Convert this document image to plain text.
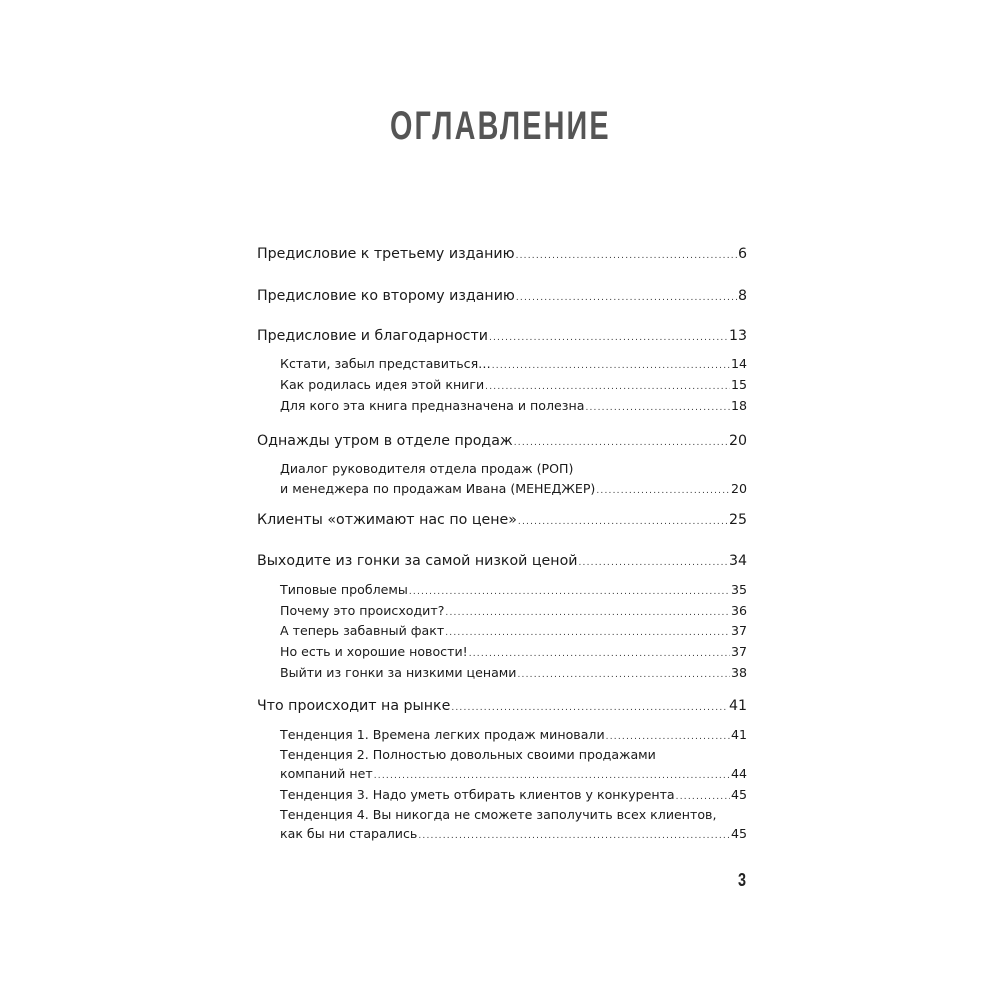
ОГЛАВЛЕНИЕ
Предисловие к третьему изданию .....	6
Предисловие ко второму изданию .....	8
Предисловие и благодарности .....	13
Кстати, забыл представиться… .....	14
Как родилась идея этой книги .....	15
Для кого эта книга предназначена и полезна .....	18
Однажды утром в отделе продаж .....	20
Диалог руководителя отдела продаж (РОП)
и менеджера по продажам Ивана (МЕНЕДЖЕР) .....	20
Клиенты «отжимают нас по цене» .....	25
Выходите из гонки за самой низкой ценой .....	34
Типовые проблемы .....	35
Почему это происходит? .....	36
А теперь забавный факт .....	37
Но есть и хорошие новости! .....	37
Выйти из гонки за низкими ценами .....	38
Что происходит на рынке .....	41
Тенденция 1. Времена легких продаж миновали .....	41
Тенденция 2. Полностью довольных своими продажами
компаний нет .....	44
Тенденция 3. Надо уметь отбирать клиентов у конкурента .....	45
Тенденция 4. Вы никогда не сможете заполучить всех клиентов,
как бы ни старались .....	45
3
